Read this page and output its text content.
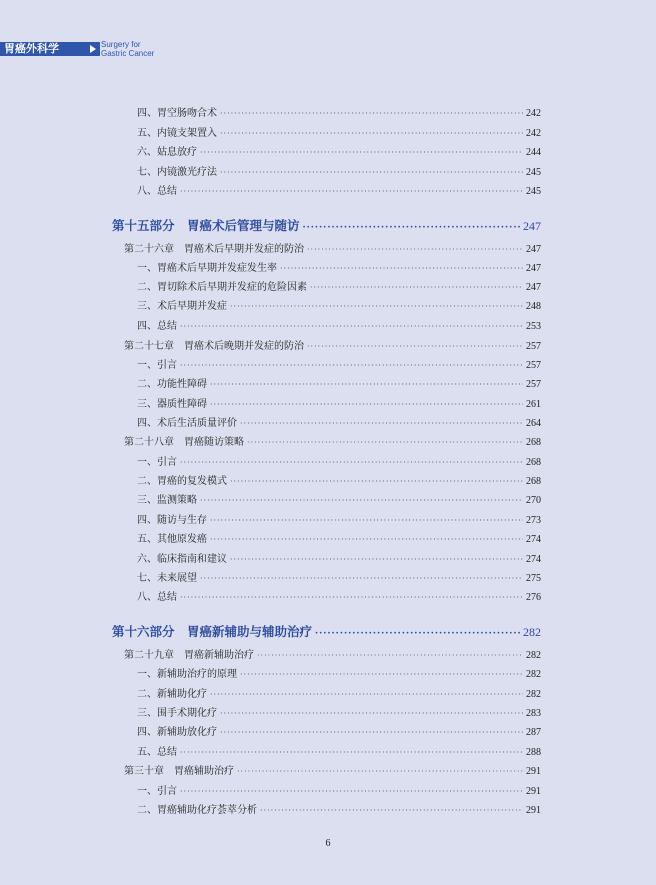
胃癌外科学	Surgery for
Gastric Cancer
四、胃空肠吻合术 ·····	242
五、内镜支架置入 ·····	242
六、姑息放疗 ·····	244
七、内镜激光疗法 ·····	245
八、总结 ·····	245
第十五部分　胃癌术后管理与随访 ·····	247
第二十六章　胃癌术后早期并发症的防治 ·····	247
一、胃癌术后早期并发症发生率 ·····	247
二、胃切除术后早期并发症的危险因素 ·····	247
三、术后早期并发症 ·····	248
四、总结 ·····	253
第二十七章　胃癌术后晚期并发症的防治 ·····	257
一、引言 ·····	257
二、功能性障碍 ·····	257
三、器质性障碍 ·····	261
四、术后生活质量评价 ·····	264
第二十八章　胃癌随访策略 ·····	268
一、引言 ·····	268
二、胃癌的复发模式 ·····	268
三、监测策略 ·····	270
四、随访与生存 ·····	273
五、其他原发癌 ·····	274
六、临床指南和建议 ·····	274
七、未来展望 ·····	275
八、总结 ·····	276
第十六部分　胃癌新辅助与辅助治疗 ·····	282
第二十九章　胃癌新辅助治疗 ·····	282
一、新辅助治疗的原理 ·····	282
二、新辅助化疗 ·····	282
三、围手术期化疗 ·····	283
四、新辅助放化疗 ·····	287
五、总结 ·····	288
第三十章　胃癌辅助治疗 ·····	291
一、引言 ·····	291
二、胃癌辅助化疗荟萃分析 ·····	291
6
